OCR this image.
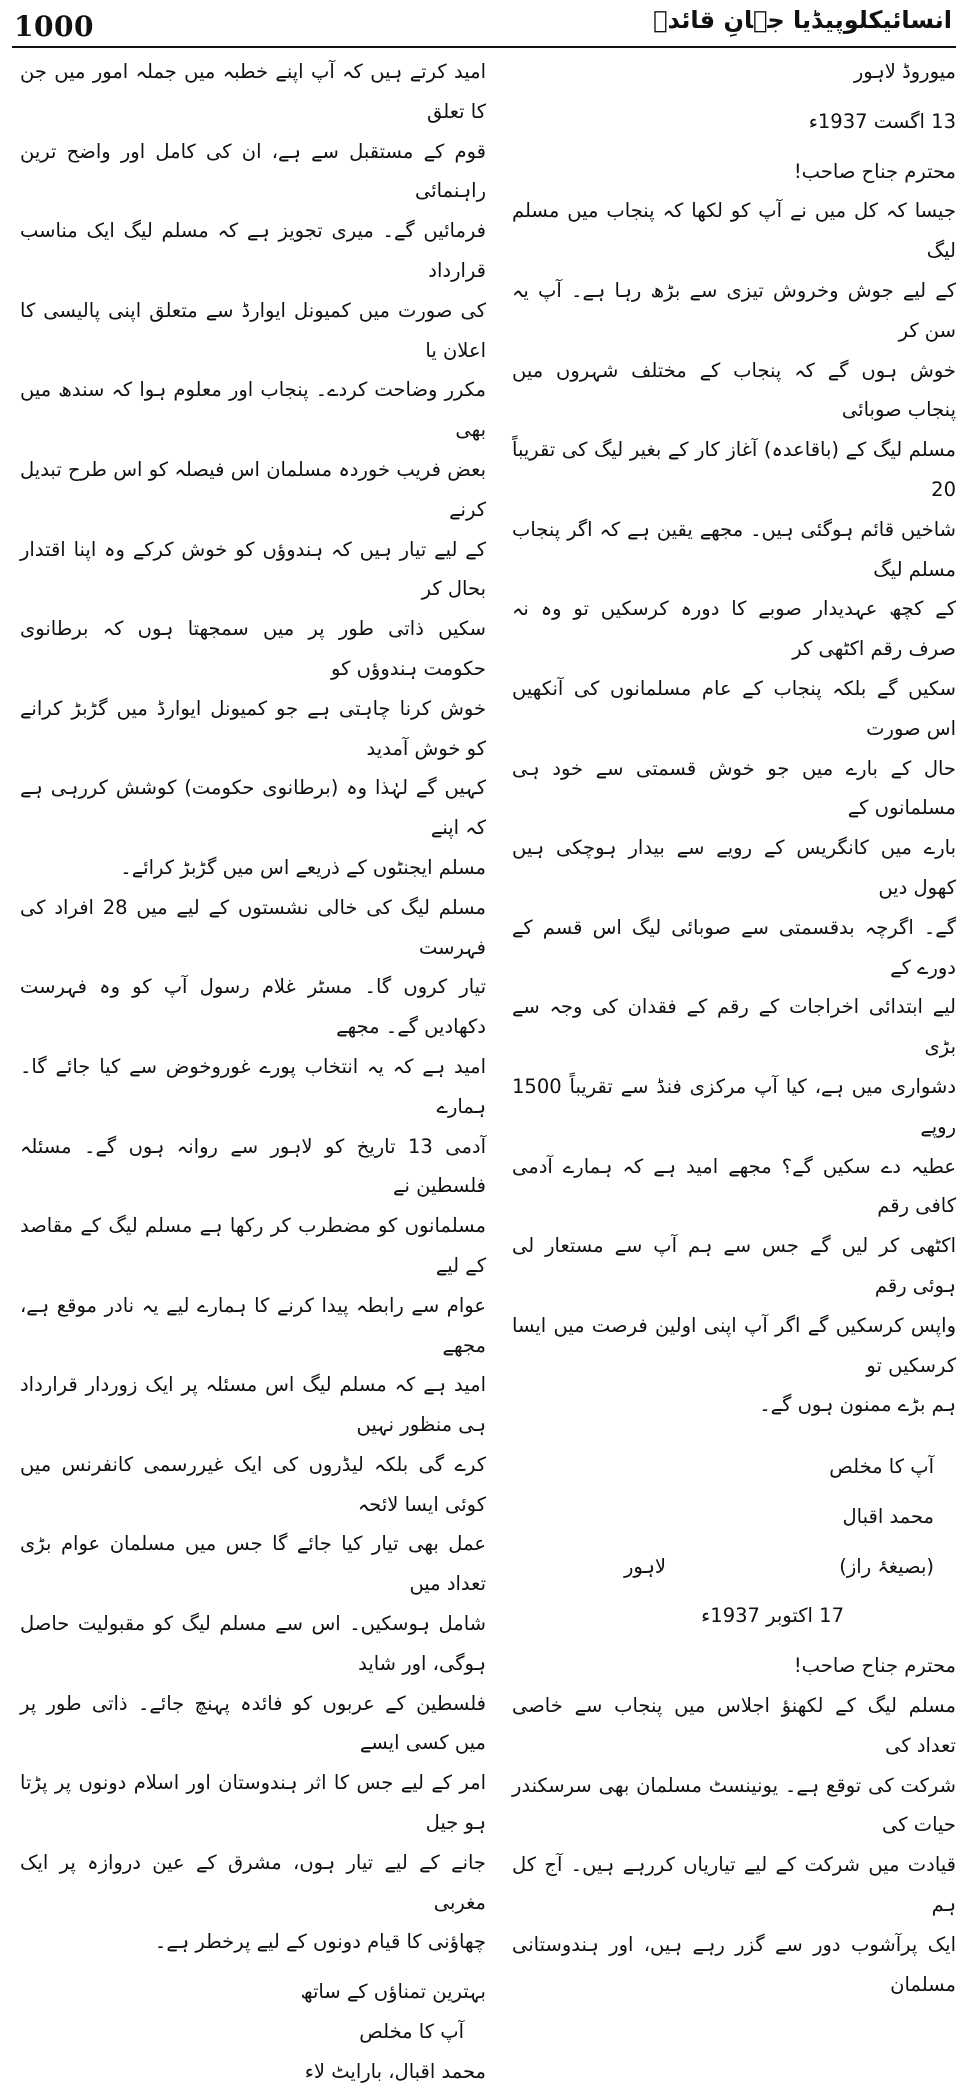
1000	انسائیکلوپیڈیا جہانِ قائدؒ

میوروڈ لاہور

13 اگست 1937ء

محترم جناح صاحب!

جیسا کہ کل میں نے آپ کو لکھا کہ پنجاب میں مسلم لیگ

کے لیے جوش وخروش تیزی سے بڑھ رہا ہے۔ آپ یہ سن کر

خوش ہوں گے کہ پنجاب کے مختلف شہروں میں پنجاب صوبائی

مسلم لیگ کے (باقاعدہ) آغاز کار کے بغیر لیگ کی تقریباً 20

شاخیں قائم ہوگئی ہیں۔ مجھے یقین ہے کہ اگر پنجاب مسلم لیگ

کے کچھ عہدیدار صوبے کا دورہ کرسکیں تو وہ نہ صرف رقم اکٹھی کر

سکیں گے بلکہ پنجاب کے عام مسلمانوں کی آنکھیں اس صورت

حال کے بارے میں جو خوش قسمتی سے خود ہی مسلمانوں کے

بارے میں کانگریس کے رویے سے بیدار ہوچکی ہیں کھول دیں

گے۔ اگرچہ بدقسمتی سے صوبائی لیگ اس قسم کے دورے کے

لیے ابتدائی اخراجات کے رقم کے فقدان کی وجہ سے بڑی

دشواری میں ہے، کیا آپ مرکزی فنڈ سے تقریباً 1500 روپے

عطیہ دے سکیں گے؟ مجھے امید ہے کہ ہمارے آدمی کافی رقم

اکٹھی کر لیں گے جس سے ہم آپ سے مستعار لی ہوئی رقم

واپس کرسکیں گے اگر آپ اپنی اولین فرصت میں ایسا کرسکیں تو

ہم بڑے ممنون ہوں گے۔

آپ کا مخلص

محمد اقبال

(بصیغۂ راز)
لاہور

17 اکتوبر 1937ء

محترم جناح صاحب!

مسلم لیگ کے لکھنؤ اجلاس میں پنجاب سے خاصی تعداد کی

شرکت کی توقع ہے۔ یونینسٹ مسلمان بھی سرسکندر حیات کی

قیادت میں شرکت کے لیے تیاریاں کررہے ہیں۔ آج کل ہم

ایک پرآشوب دور سے گزر رہے ہیں، اور ہندوستانی مسلمان

امید کرتے ہیں کہ آپ اپنے خطبہ میں جملہ امور میں جن کا تعلق

قوم کے مستقبل سے ہے، ان کی کامل اور واضح ترین راہنمائی

فرمائیں گے۔ میری تجویز ہے کہ مسلم لیگ ایک مناسب قرارداد

کی صورت میں کمیونل ایوارڈ سے متعلق اپنی پالیسی کا اعلان یا

مکرر وضاحت کردے۔ پنجاب اور معلوم ہوا کہ سندھ میں بھی

بعض فریب خوردہ مسلمان اس فیصلہ کو اس طرح تبدیل کرنے

کے لیے تیار ہیں کہ ہندوؤں کو خوش کرکے وہ اپنا اقتدار بحال کر

سکیں ذاتی طور پر میں سمجھتا ہوں کہ برطانوی حکومت ہندوؤں کو

خوش کرنا چاہتی ہے جو کمیونل ایوارڈ میں گڑبڑ کرانے کو خوش آمدید

کہیں گے لہٰذا وہ (برطانوی حکومت) کوشش کررہی ہے کہ اپنے

مسلم ایجنٹوں کے ذریعے اس میں گڑبڑ کرائے۔

مسلم لیگ کی خالی نشستوں کے لیے میں 28 افراد کی فہرست

تیار کروں گا۔ مسٹر غلام رسول آپ کو وہ فہرست دکھادیں گے۔ مجھے

امید ہے کہ یہ انتخاب پورے غوروخوض سے کیا جائے گا۔ ہمارے

آدمی 13 تاریخ کو لاہور سے روانہ ہوں گے۔ مسئلہ فلسطین نے

مسلمانوں کو مضطرب کر رکھا ہے مسلم لیگ کے مقاصد کے لیے

عوام سے رابطہ پیدا کرنے کا ہمارے لیے یہ نادر موقع ہے، مجھے

امید ہے کہ مسلم لیگ اس مسئلہ پر ایک زوردار قرارداد ہی منظور نہیں

کرے گی بلکہ لیڈروں کی ایک غیررسمی کانفرنس میں کوئی ایسا لائحہ

عمل بھی تیار کیا جائے گا جس میں مسلمان عوام بڑی تعداد میں

شامل ہوسکیں۔ اس سے مسلم لیگ کو مقبولیت حاصل ہوگی، اور شاید

فلسطین کے عربوں کو فائدہ پہنچ جائے۔ ذاتی طور پر میں کسی ایسے

امر کے لیے جس کا اثر ہندوستان اور اسلام دونوں پر پڑتا ہو جیل

جانے کے لیے تیار ہوں، مشرق کے عین دروازہ پر ایک مغربی

چھاؤنی کا قیام دونوں کے لیے پرخطر ہے۔

بہترین تمناؤں کے ساتھ

آپ کا مخلص

محمد اقبال، بارایٹ لاء
